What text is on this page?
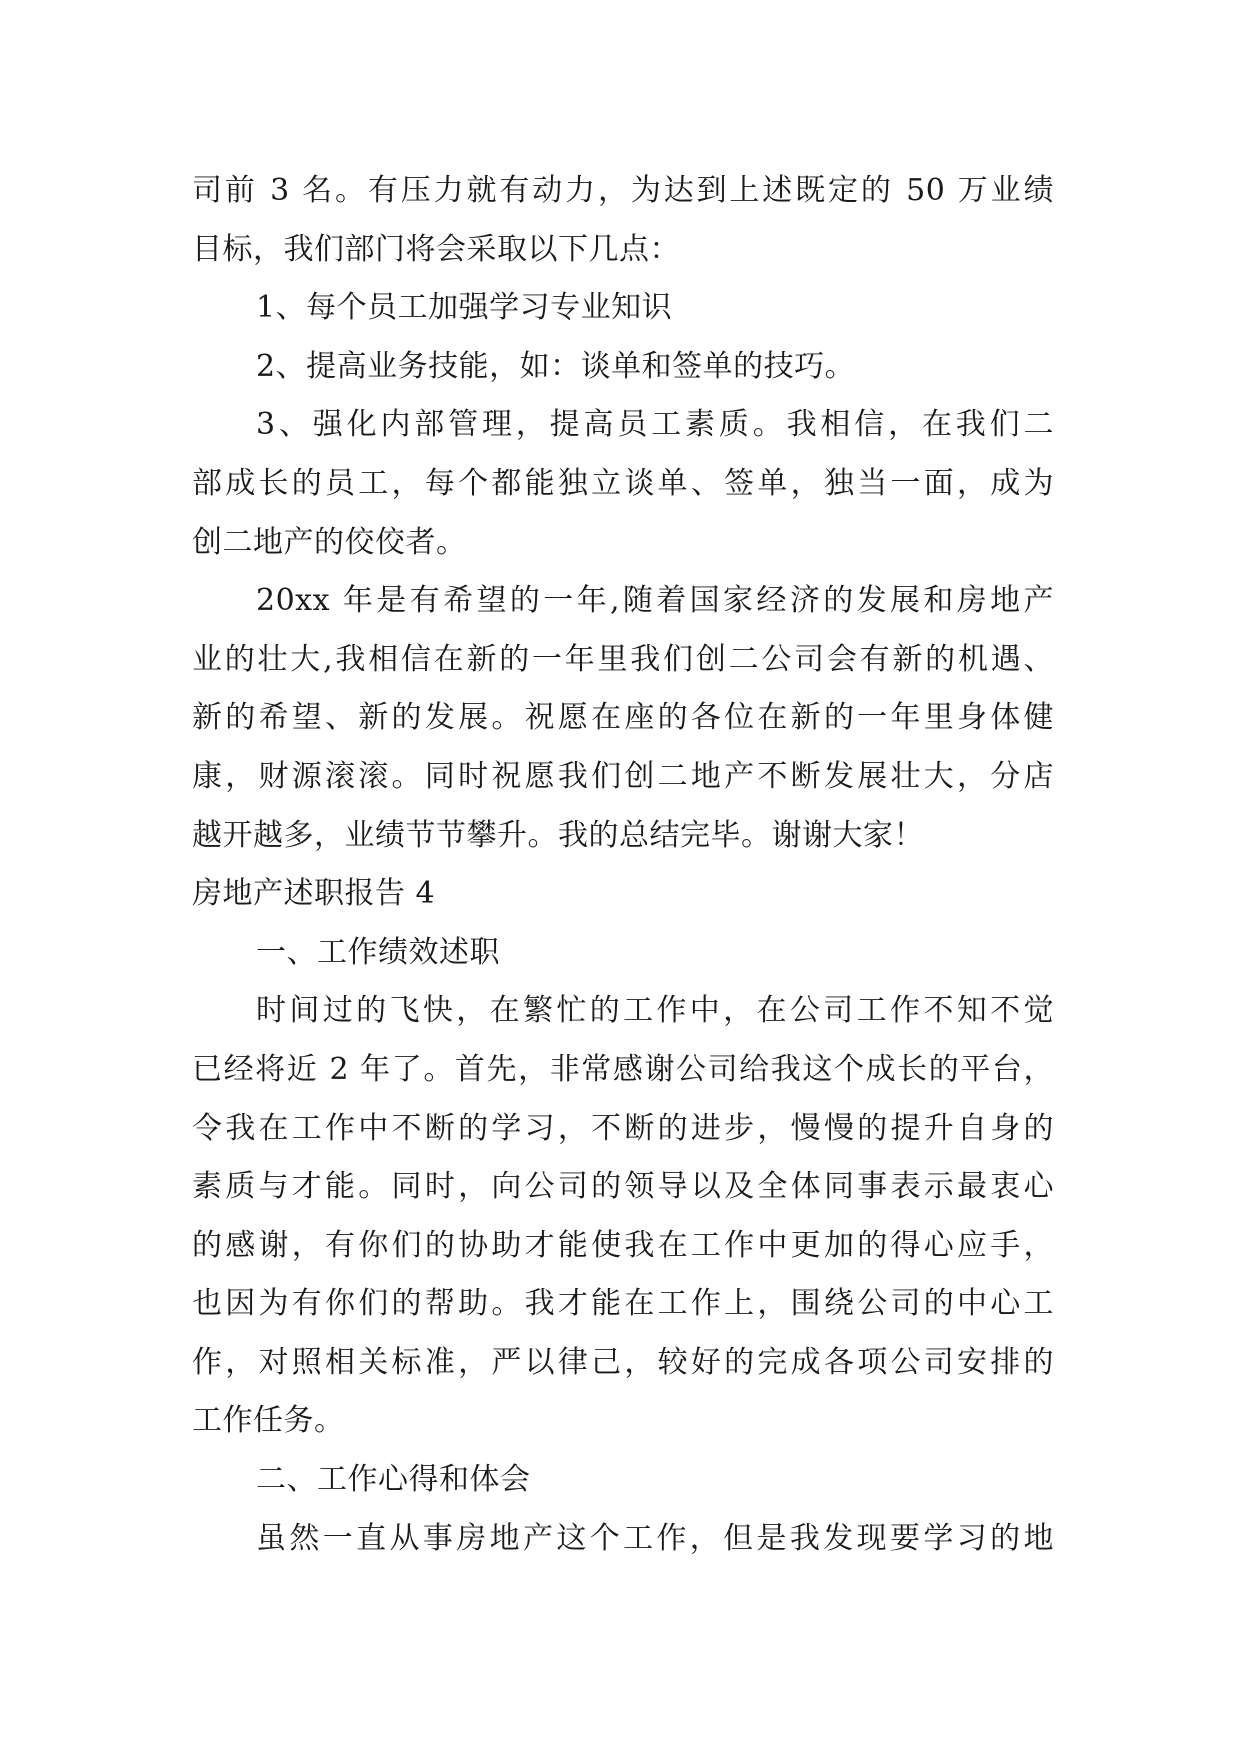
司前 3 名。有压力就有动力，为达到上述既定的 50 万业绩
目标，我们部门将会采取以下几点：
1、每个员工加强学习专业知识
2、提高业务技能，如：谈单和签单的技巧。
3、强化内部管理，提高员工素质。我相信，在我们二
部成长的员工，每个都能独立谈单、签单，独当一面，成为
创二地产的佼佼者。
20xx 年是有希望的一年,随着国家经济的发展和房地产
业的壮大,我相信在新的一年里我们创二公司会有新的机遇、
新的希望、新的发展。祝愿在座的各位在新的一年里身体健
康，财源滚滚。同时祝愿我们创二地产不断发展壮大，分店
越开越多，业绩节节攀升。我的总结完毕。谢谢大家！
房地产述职报告 4
一、工作绩效述职
时间过的飞快，在繁忙的工作中，在公司工作不知不觉
已经将近 2 年了。首先，非常感谢公司给我这个成长的平台，
令我在工作中不断的学习，不断的进步，慢慢的提升自身的
素质与才能。同时，向公司的领导以及全体同事表示最衷心
的感谢，有你们的协助才能使我在工作中更加的得心应手，
也因为有你们的帮助。我才能在工作上，围绕公司的中心工
作，对照相关标准，严以律己，较好的完成各项公司安排的
工作任务。
二、工作心得和体会
虽然一直从事房地产这个工作，但是我发现要学习的地
